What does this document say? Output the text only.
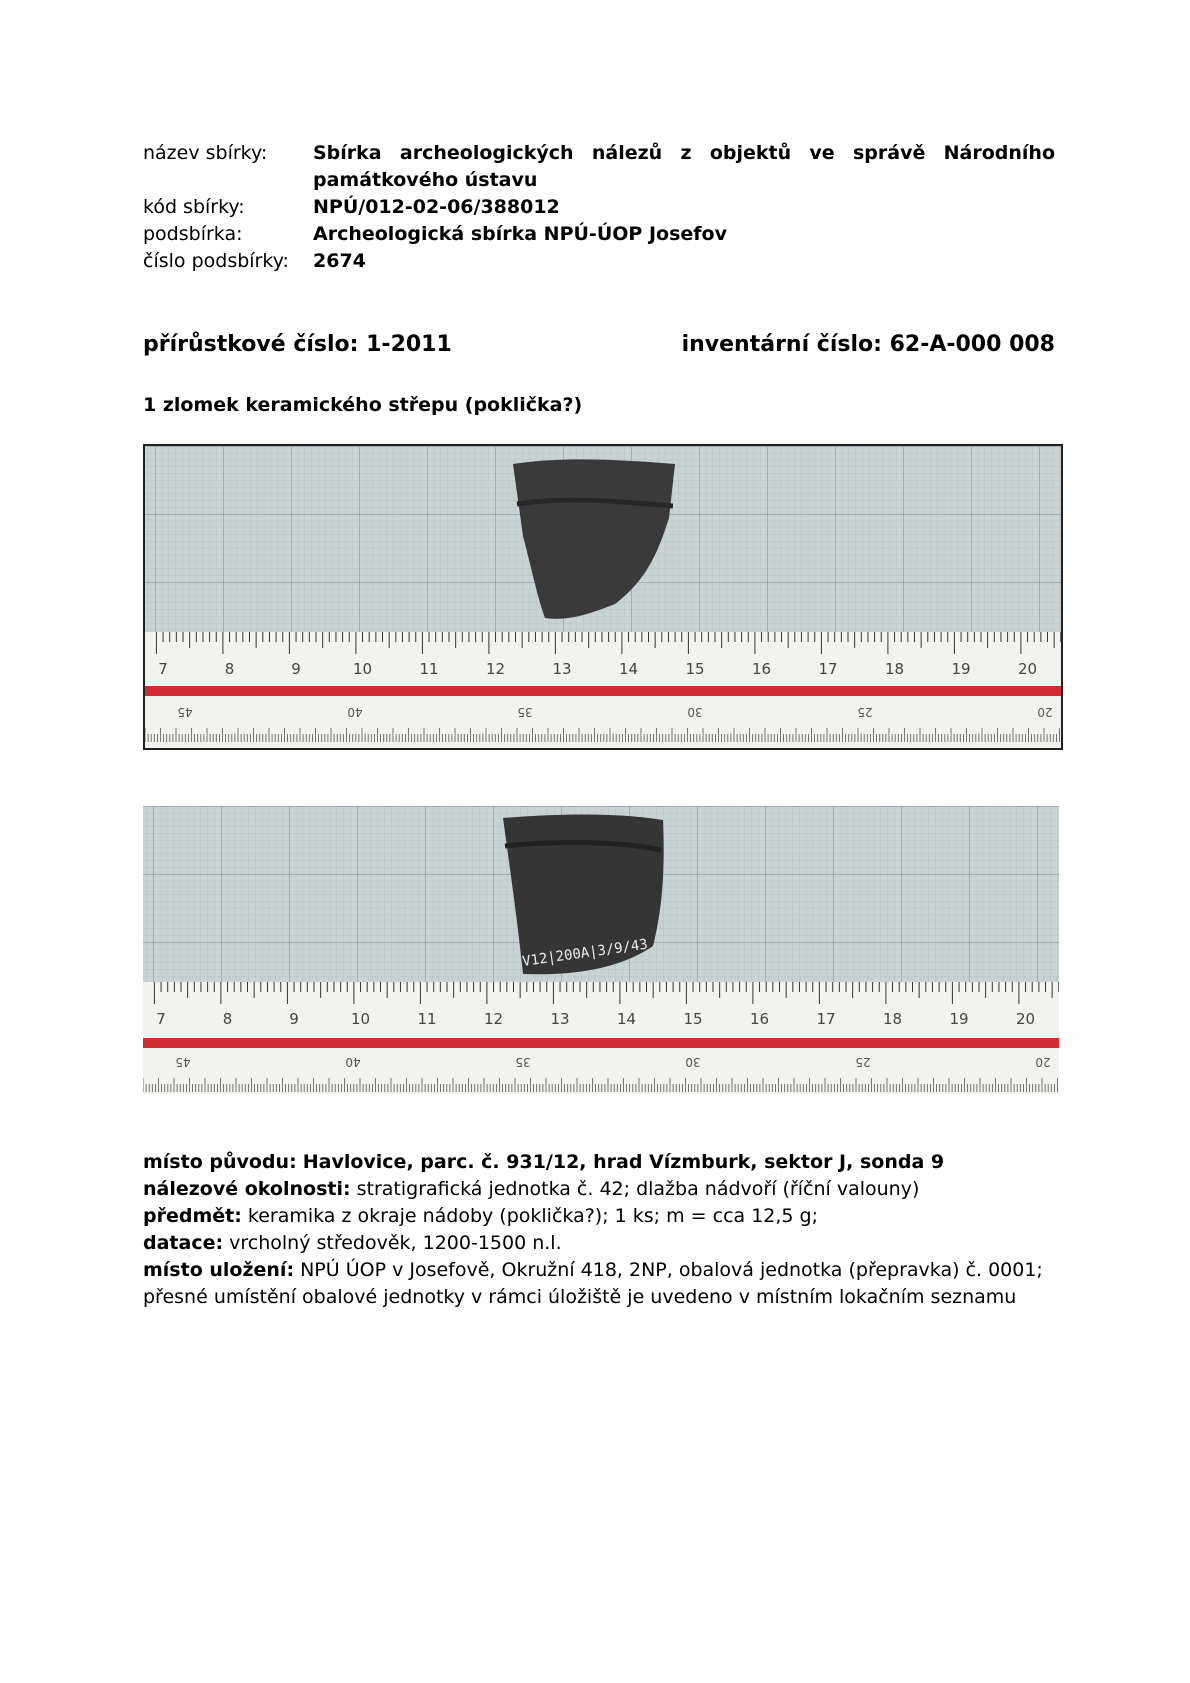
název sbírky:	Sbírka archeologických nálezů z objektů ve správě Národního památkového ústavu
kód sbírky:	NPÚ/012-02-06/388012
podsbírka:	Archeologická sbírka NPÚ-ÚOP Josefov
číslo podsbírky:	2674
přírůstkové číslo: 1-2011	inventární číslo: 62-A-000 008
1 zlomek keramického střepu (poklička?)
7	8	9	10	11	12	13	14	15	16	17	18	19	20
45	40	35	30	25	20
V12|200A|3/9/43
7	8	9	10	11	12	13	14	15	16	17	18	19	20
45	40	35	30	25	20

místo původu: Havlovice, parc. č. 931/12, hrad Vízmburk, sektor J, sonda 9

nálezové okolnosti: stratigrafická jednotka č. 42; dlažba nádvoří (říční valouny)

předmět: keramika z okraje nádoby (poklička?); 1 ks; m = cca 12,5 g;

datace: vrcholný středověk, 1200-1500 n.l.

místo uložení: NPÚ ÚOP v Josefově, Okružní 418, 2NP, obalová jednotka (přepravka) č. 0001; přesné umístění obalové jednotky v rámci úložiště je uvedeno v místním lokačním seznamu
